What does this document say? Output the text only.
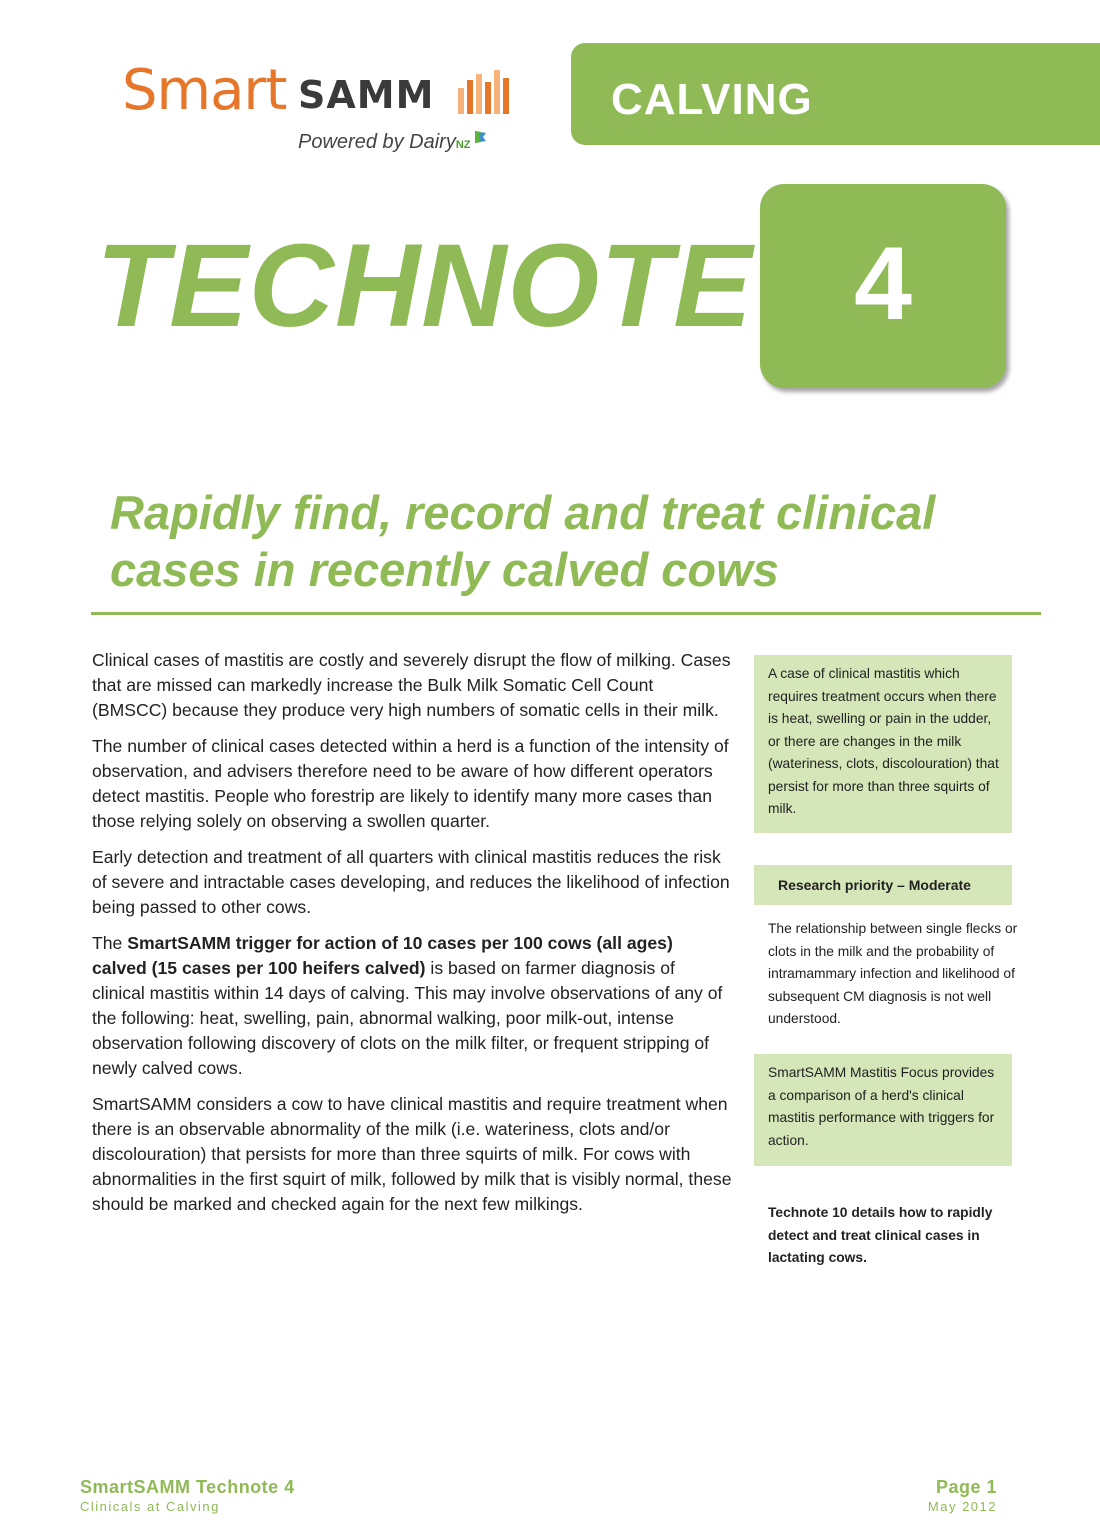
Smart SAMM
Powered by DairyNZ
CALVING
TECHNOTE 4
Rapidly find, record and treat clinical cases in recently calved cows

Clinical cases of mastitis are costly and severely disrupt the flow of milking. Cases that are missed can markedly increase the Bulk Milk Somatic Cell Count (BMSCC) because they produce very high numbers of somatic cells in their milk.

The number of clinical cases detected within a herd is a function of the intensity of observation, and advisers therefore need to be aware of how different operators detect mastitis. People who forestrip are likely to identify many more cases than those relying solely on observing a swollen quarter.

Early detection and treatment of all quarters with clinical mastitis reduces the risk of severe and intractable cases developing, and reduces the likelihood of infection being passed to other cows.

The SmartSAMM trigger for action of 10 cases per 100 cows (all ages) calved (15 cases per 100 heifers calved) is based on farmer diagnosis of clinical mastitis within 14 days of calving. This may involve observations of any of the following: heat, swelling, pain, abnormal walking, poor milk-out, intense observation following discovery of clots on the milk filter, or frequent stripping of newly calved cows.

SmartSAMM considers a cow to have clinical mastitis and require treatment when there is an observable abnormality of the milk (i.e. wateriness, clots and/or discolouration) that persists for more than three squirts of milk. For cows with abnormalities in the first squirt of milk, followed by milk that is visibly normal, these should be marked and checked again for the next few milkings.

A case of clinical mastitis which requires treatment occurs when there is heat, swelling or pain in the udder, or there are changes in the milk (wateriness, clots, discolouration) that persist for more than three squirts of milk.
Research priority – Moderate
The relationship between single flecks or clots in the milk and the probability of intramammary infection and likelihood of subsequent CM diagnosis is not well understood.
SmartSAMM Mastitis Focus provides a comparison of a herd's clinical mastitis performance with triggers for action.
Technote 10 details how to rapidly detect and treat clinical cases in lactating cows.
SmartSAMM Technote 4
Clinicals at Calving
Page 1
May 2012
